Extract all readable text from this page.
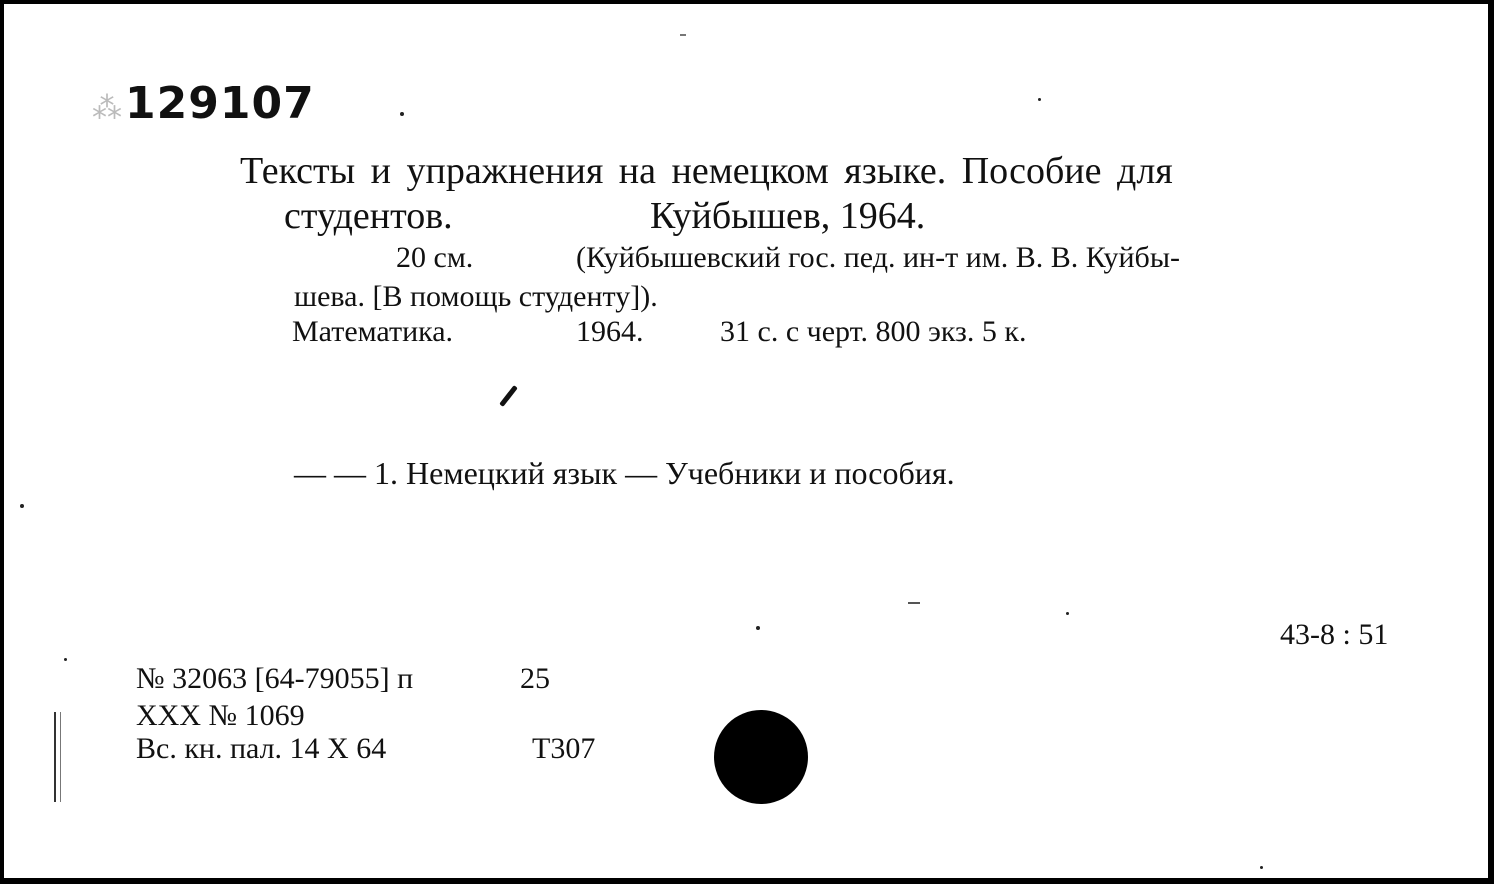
⁂129107
Тексты и упражнения на немецком языке. Пособие для
студентов.	Куйбышев, 1964.
20 см.	(Куйбышевский гос. пед. ин-т им. В. В. Куйбы-
шева. [В помощь студенту]).
Математика.	1964.	31 с. с черт. 800 экз. 5 к.
— — 1. Немецкий язык — Учебники и пособия.
43-8 : 51
№ 32063 [64-79055] п	25
ХХХ № 1069
Вс. кн. пал. 14 Х 64	Т307
